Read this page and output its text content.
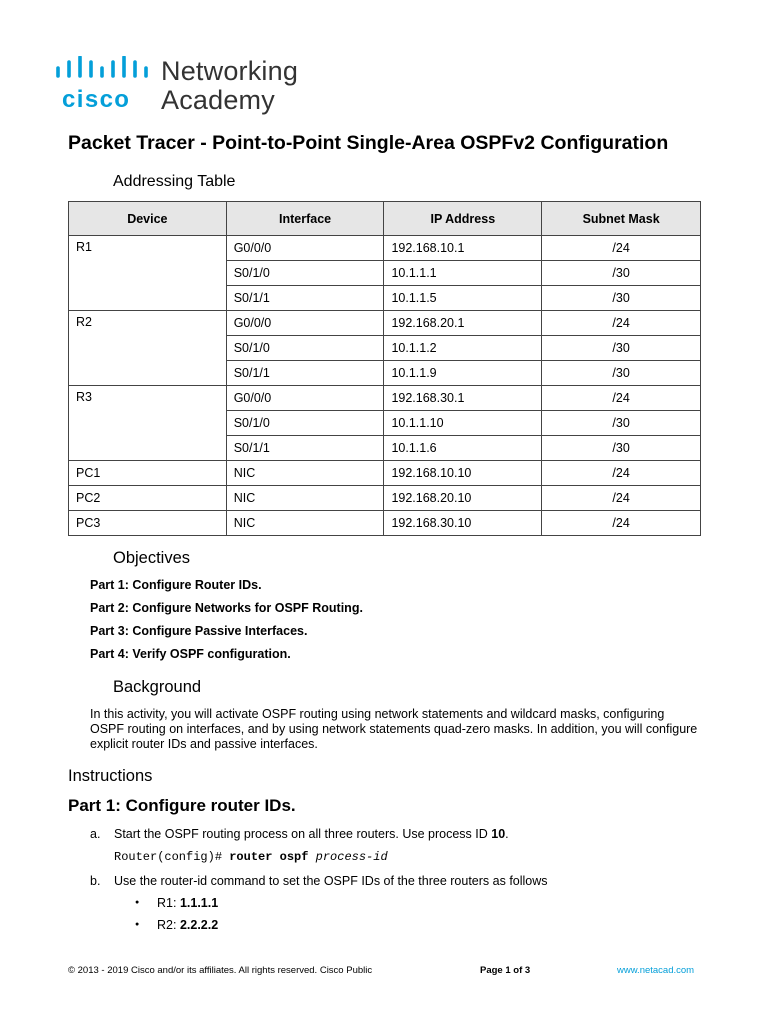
cisco
Networking
Academy
Packet Tracer - Point-to-Point Single-Area OSPFv2 Configuration
Addressing Table
Device	Interface	IP Address	Subnet Mask
R1	G0/0/0	192.168.10.1	/24
	S0/1/0	10.1.1.1	/30
	S0/1/1	10.1.1.5	/30
R2	G0/0/0	192.168.20.1	/24
	S0/1/0	10.1.1.2	/30
	S0/1/1	10.1.1.9	/30
R3	G0/0/0	192.168.30.1	/24
	S0/1/0	10.1.1.10	/30
	S0/1/1	10.1.1.6	/30
PC1	NIC	192.168.10.10	/24
PC2	NIC	192.168.20.10	/24
PC3	NIC	192.168.30.10	/24
Objectives
Part 1: Configure Router IDs.
Part 2: Configure Networks for OSPF Routing.
Part 3: Configure Passive Interfaces.
Part 4: Verify OSPF configuration.
Background
In this activity, you will activate OSPF routing using network statements and wildcard masks, configuring
OSPF routing on interfaces, and by using network statements quad-zero masks. In addition, you will configure
explicit router IDs and passive interfaces.
Instructions
Part 1: Configure router IDs.
a. Start the OSPF routing process on all three routers. Use process ID 10.
Router(config)# router ospf process-id
b. Use the router-id command to set the OSPF IDs of the three routers as follows
● R1: 1.1.1.1
● R2: 2.2.2.2
© 2013 - 2019 Cisco and/or its affiliates. All rights reserved. Cisco Public	Page 1 of 3	www.netacad.com
